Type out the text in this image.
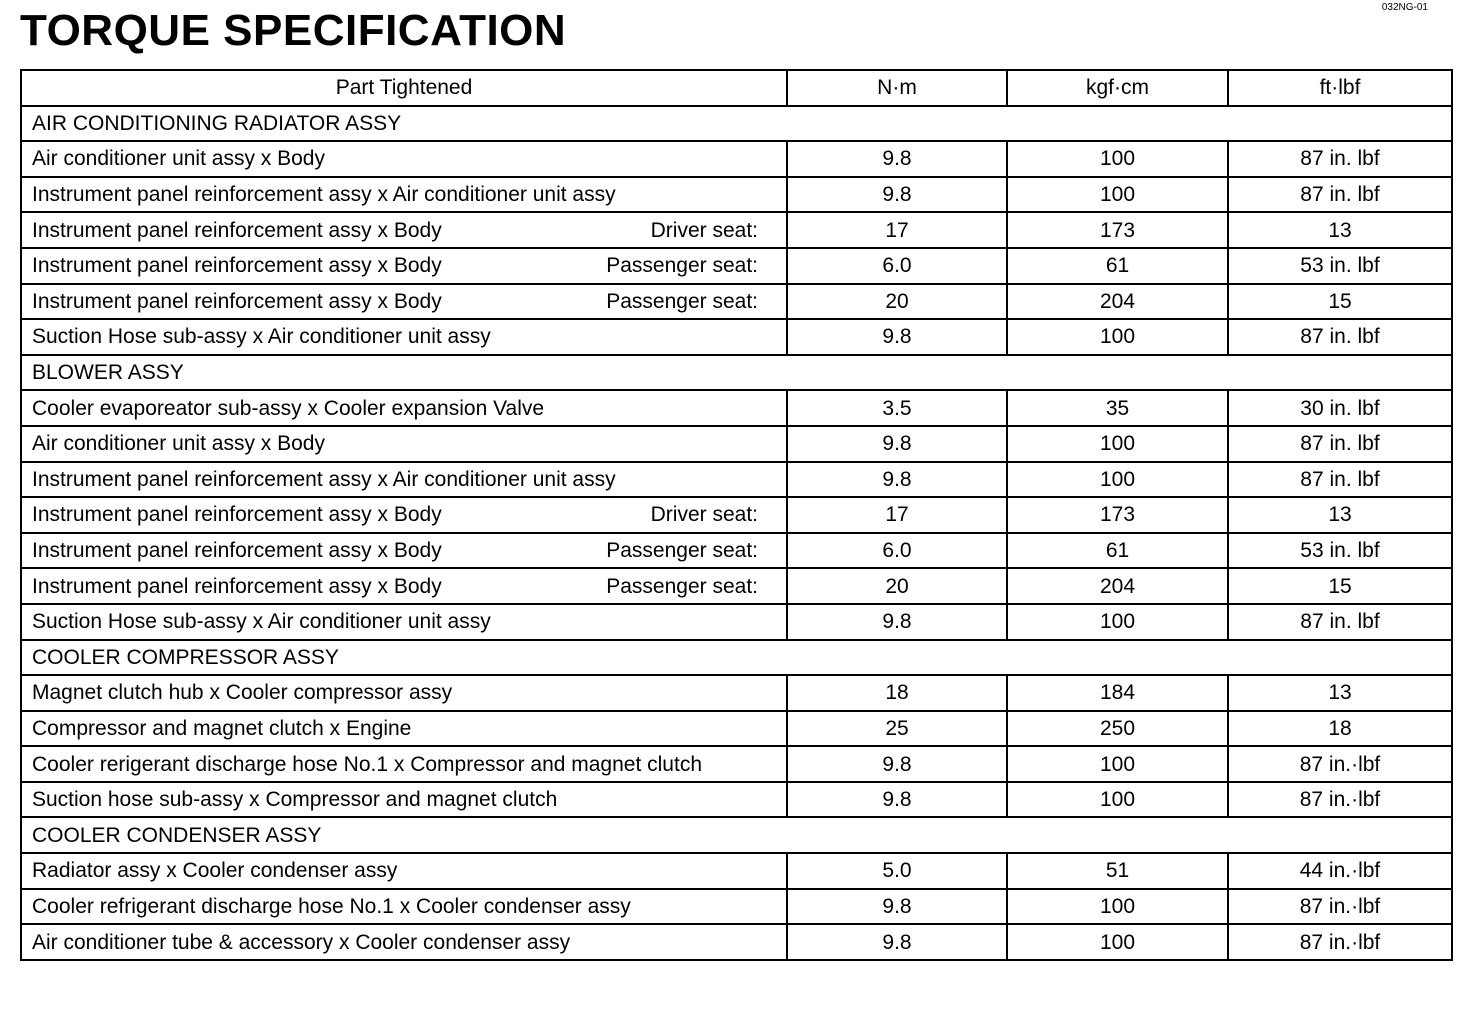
032NG-01
TORQUE SPECIFICATION
Part Tightened	N·m	kgf·cm	ft·lbf
AIR CONDITIONING RADIATOR ASSY			

Air conditioner unit assy x Body	9.8	100	87 in. lbf

Instrument panel reinforcement assy x Air conditioner unit assy	9.8	100	87 in. lbf

Instrument panel reinforcement assy x Body Driver seat:	17	173	13

Instrument panel reinforcement assy x Body Passenger seat:	6.0	61	53 in. lbf

Instrument panel reinforcement assy x Body Passenger seat:	20	204	15

Suction Hose sub-assy x Air conditioner unit assy	9.8	100	87 in. lbf
BLOWER ASSY			

Cooler evaporeator sub-assy x Cooler expansion Valve	3.5	35	30 in. lbf

Air conditioner unit assy x Body	9.8	100	87 in. lbf

Instrument panel reinforcement assy x Air conditioner unit assy	9.8	100	87 in. lbf

Instrument panel reinforcement assy x Body Driver seat:	17	173	13

Instrument panel reinforcement assy x Body Passenger seat:	6.0	61	53 in. lbf

Instrument panel reinforcement assy x Body Passenger seat:	20	204	15

Suction Hose sub-assy x Air conditioner unit assy	9.8	100	87 in. lbf
COOLER COMPRESSOR ASSY			

Magnet clutch hub x Cooler compressor assy	18	184	13

Compressor and magnet clutch x Engine	25	250	18

Cooler rerigerant discharge hose No.1 x Compressor and magnet clutch	9.8	100	87 in.·lbf

Suction hose sub-assy x Compressor and magnet clutch	9.8	100	87 in.·lbf
COOLER CONDENSER ASSY			

Radiator assy x Cooler condenser assy	5.0	51	44 in.·lbf

Cooler refrigerant discharge hose No.1 x Cooler condenser assy	9.8	100	87 in.·lbf

Air conditioner tube & accessory x Cooler condenser assy	9.8	100	87 in.·lbf
